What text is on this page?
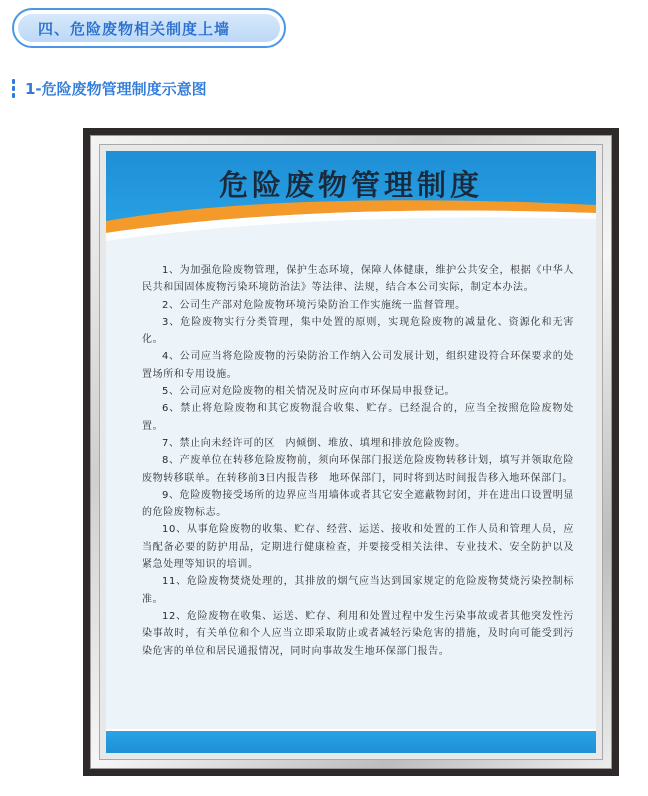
四、危险废物相关制度上墙
1-危险废物管理制度示意图
危险废物管理制度

1、为加强危险废物管理，保护生态环境，保障人体健康，维护公共安全，根据《中华人民共和国固体废物污染环境防治法》等法律、法规，结合本公司实际，制定本办法。

2、公司生产部对危险废物环境污染防治工作实施统一监督管理。

3、危险废物实行分类管理，集中处置的原则，实现危险废物的减量化、资源化和无害化。

4、公司应当将危险废物的污染防治工作纳入公司发展计划，组织建设符合环保要求的处置场所和专用设施。

5、公司应对危险废物的相关情况及时应向市环保局申报登记。

6、禁止将危险废物和其它废物混合收集、贮存。已经混合的，应当全按照危险废物处置。

7、禁止向未经许可的区　内倾倒、堆放、填埋和排放危险废物。

8、产废单位在转移危险废物前，须向环保部门报送危险废物转移计划，填写并领取危险废物转移联单。在转移前3日内报告移　地环保部门，同时将到达时间报告移入地环保部门。

9、危险废物接受场所的边界应当用墙体或者其它安全遮蔽物封闭，并在进出口设置明显的危险废物标志。

10、从事危险废物的收集、贮存、经营、运送、接收和处置的工作人员和管理人员，应当配备必要的防护用品，定期进行健康检查，并要接受相关法律、专业技术、安全防护以及紧急处理等知识的培训。

11、危险废物焚烧处理的，其排放的烟气应当达到国家规定的危险废物焚烧污染控制标准。

12、危险废物在收集、运送、贮存、利用和处置过程中发生污染事故或者其他突发性污染事故时，有关单位和个人应当立即采取防止或者减轻污染危害的措施，及时向可能受到污染危害的单位和居民通报情况，同时向事故发生地环保部门报告。
